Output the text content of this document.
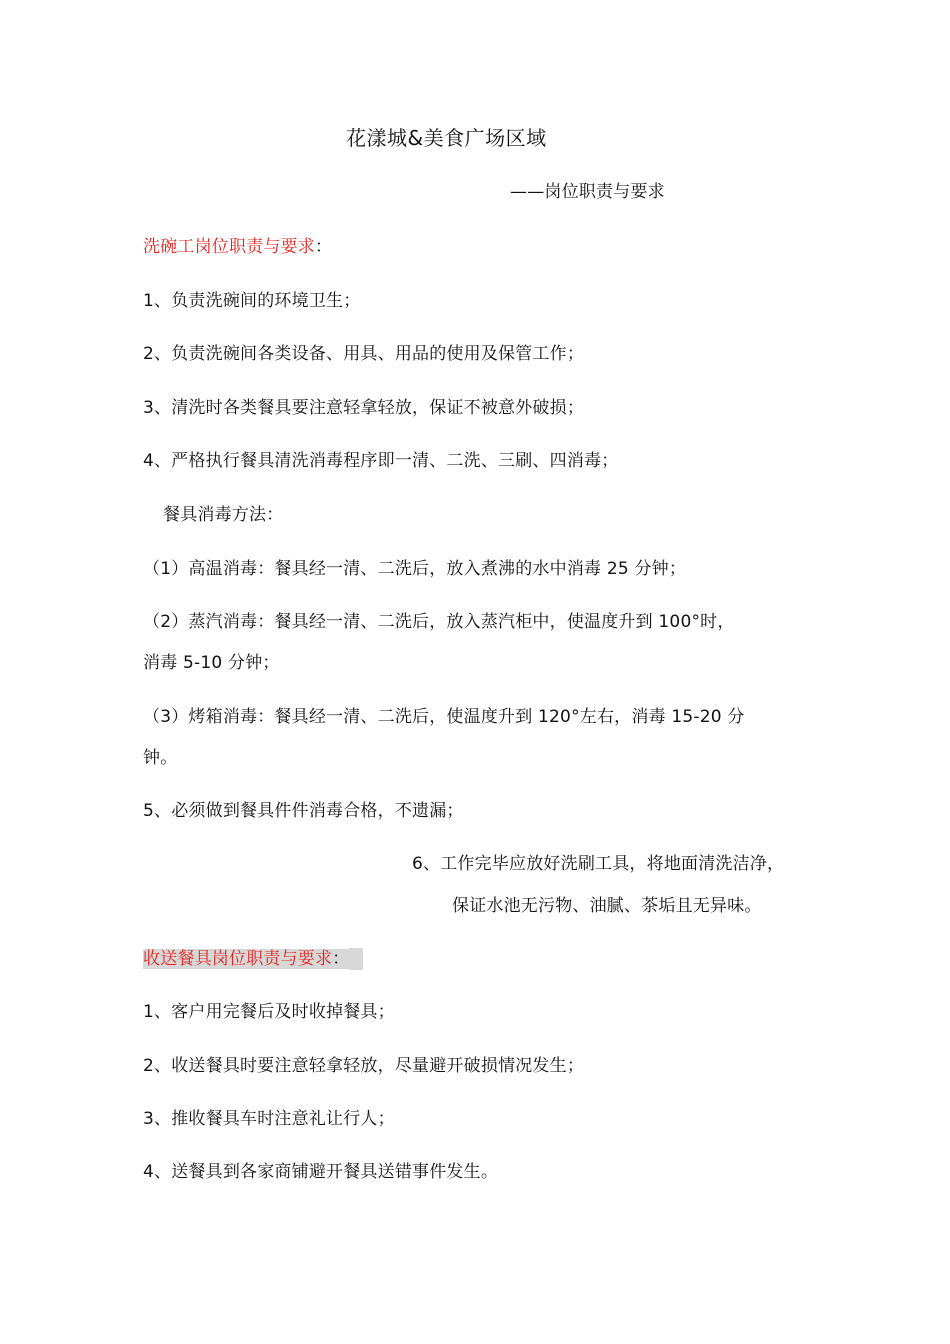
花漾城&美食广场区域
——岗位职责与要求
洗碗工岗位职责与要求：
1、负责洗碗间的环境卫生；
2、负责洗碗间各类设备、用具、用品的使用及保管工作；
3、清洗时各类餐具要注意轻拿轻放，保证不被意外破损；
4、严格执行餐具清洗消毒程序即一清、二洗、三刷、四消毒；
餐具消毒方法：
（1）高温消毒：餐具经一清、二洗后，放入煮沸的水中消毒 25 分钟；
（2）蒸汽消毒：餐具经一清、二洗后，放入蒸汽柜中，使温度升到 100°时，
消毒 5-10 分钟；
（3）烤箱消毒：餐具经一清、二洗后，使温度升到 120°左右，消毒 15-20 分
钟。
5、必须做到餐具件件消毒合格，不遗漏；
6、工作完毕应放好洗刷工具，将地面清洗洁净，
保证水池无污物、油腻、茶垢且无异味。
收送餐具岗位职责与要求：
1、客户用完餐后及时收掉餐具；
2、收送餐具时要注意轻拿轻放，尽量避开破损情况发生；
3、推收餐具车时注意礼让行人；
4、送餐具到各家商铺避开餐具送错事件发生。
